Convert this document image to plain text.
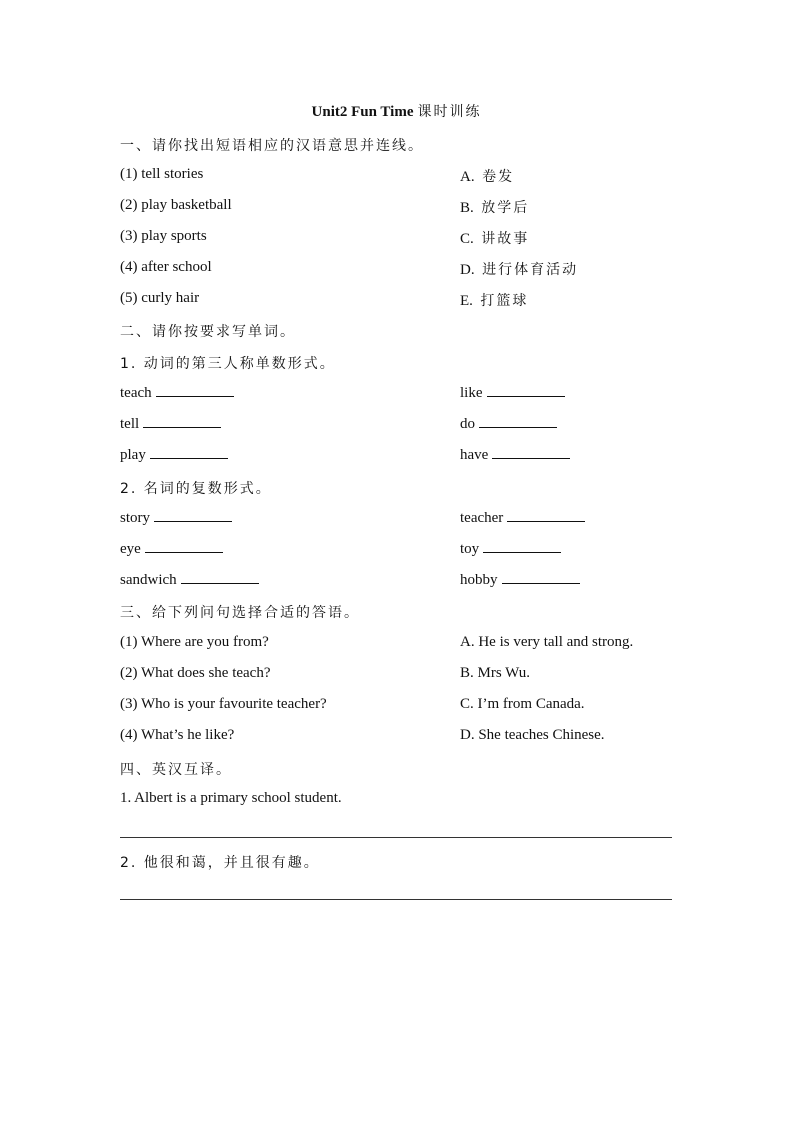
Unit2 Fun Time 课时训练
一、请你找出短语相应的汉语意思并连线。
(1) tell stories
(2) play basketball
(3) play sports
(4) after school
(5) curly hair
A. 卷发
B. 放学后
C. 讲故事
D. 进行体育活动
E. 打篮球
二、请你按要求写单词。
1. 动词的第三人称单数形式。
teach
tell
play
like
do
have
2. 名词的复数形式。
story
eye
sandwich
teacher
toy
hobby
三、给下列问句选择合适的答语。
(1) Where are you from?
(2) What does she teach?
(3) Who is your favourite teacher?
(4) What’s he like?
A. He is very tall and strong.
B. Mrs Wu.
C. I’m from Canada.
D. She teaches Chinese.
四、英汉互译。
1. Albert is a primary school student.
2. 他很和蔼，并且很有趣。
